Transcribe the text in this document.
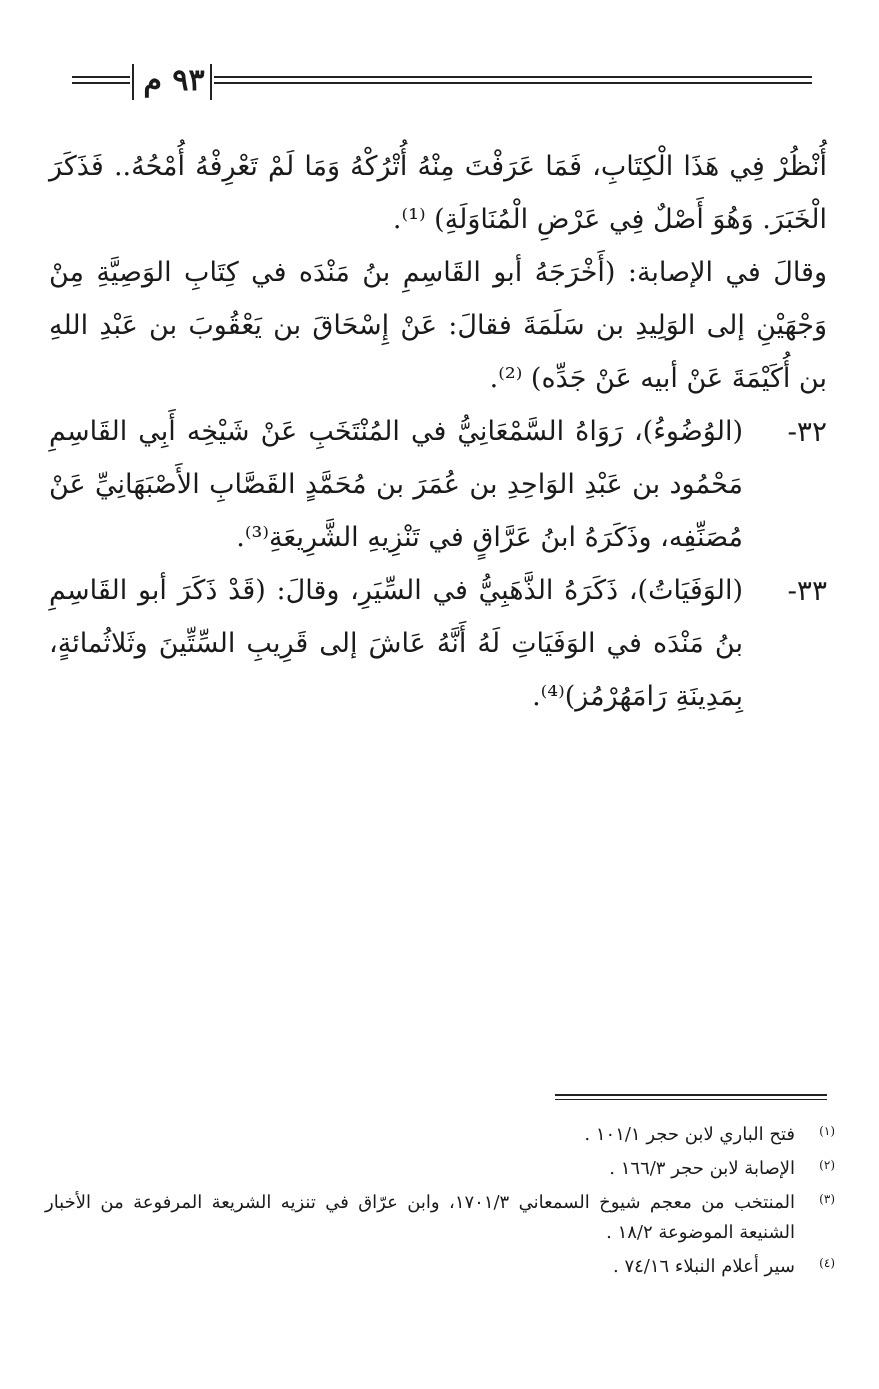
٩٣ م

أُنْظُرْ فِي هَذَا الْكِتَابِ، فَمَا عَرَفْتَ مِنْهُ أُتْرُكْهُ وَمَا لَمْ تَعْرِفْهُ أُمْحُهُ.. فَذَكَرَ الْخَبَرَ. وَهُوَ أَصْلٌ فِي عَرْضِ الْمُنَاوَلَةِ) ⁽¹⁾.

وقالَ في الإصابة: (أَخْرَجَهُ أبو القَاسِمِ بنُ مَنْدَه في كِتَابِ الوَصِيَّةِ مِنْ وَجْهَيْنِ إلى الوَلِيدِ بن سَلَمَةَ فقالَ: عَنْ إِسْحَاقَ بن يَعْقُوبَ بن عَبْدِ اللهِ بن أُكَيْمَةَ عَنْ أبيه عَنْ جَدِّه) ⁽²⁾.

٣٢-

(الوُضُوءُ)، رَوَاهُ السَّمْعَانِيُّ في المُنْتَخَبِ عَنْ شَيْخِه أَبِي القَاسِمِ مَحْمُود بن عَبْدِ الوَاحِدِ بن عُمَرَ بن مُحَمَّدٍ القَصَّابِ الأَصْبَهَانِيِّ عَنْ مُصَنِّفِه، وذَكَرَهُ ابنُ عَرَّاقٍ في تَنْزِيهِ الشَّرِيعَةِ⁽³⁾.

٣٣-

(الوَفَيَاتُ)، ذَكَرَهُ الذَّهَبِيُّ في السِّيَرِ، وقالَ: (قَدْ ذَكَرَ أبو القَاسِمِ بنُ مَنْدَه في الوَفَيَاتِ لَهُ أَنَّهُ عَاشَ إلى قَرِيبِ السِّتِّينَ وثَلاثُمائةٍ، بِمَدِينَةِ رَامَهُرْمُز)⁽⁴⁾.

(١)
فتح الباري لابن حجر ١٠١/١ .
(٢)
الإصابة لابن حجر ١٦٦/٣ .
(٣)
المنتخب من معجم شيوخ السمعاني ١٧٠١/٣، وابن عرّاق في تنزيه الشريعة المرفوعة من الأخبار الشنيعة الموضوعة ١٨/٢ .
(٤)
سير أعلام النبلاء ٧٤/١٦ .
